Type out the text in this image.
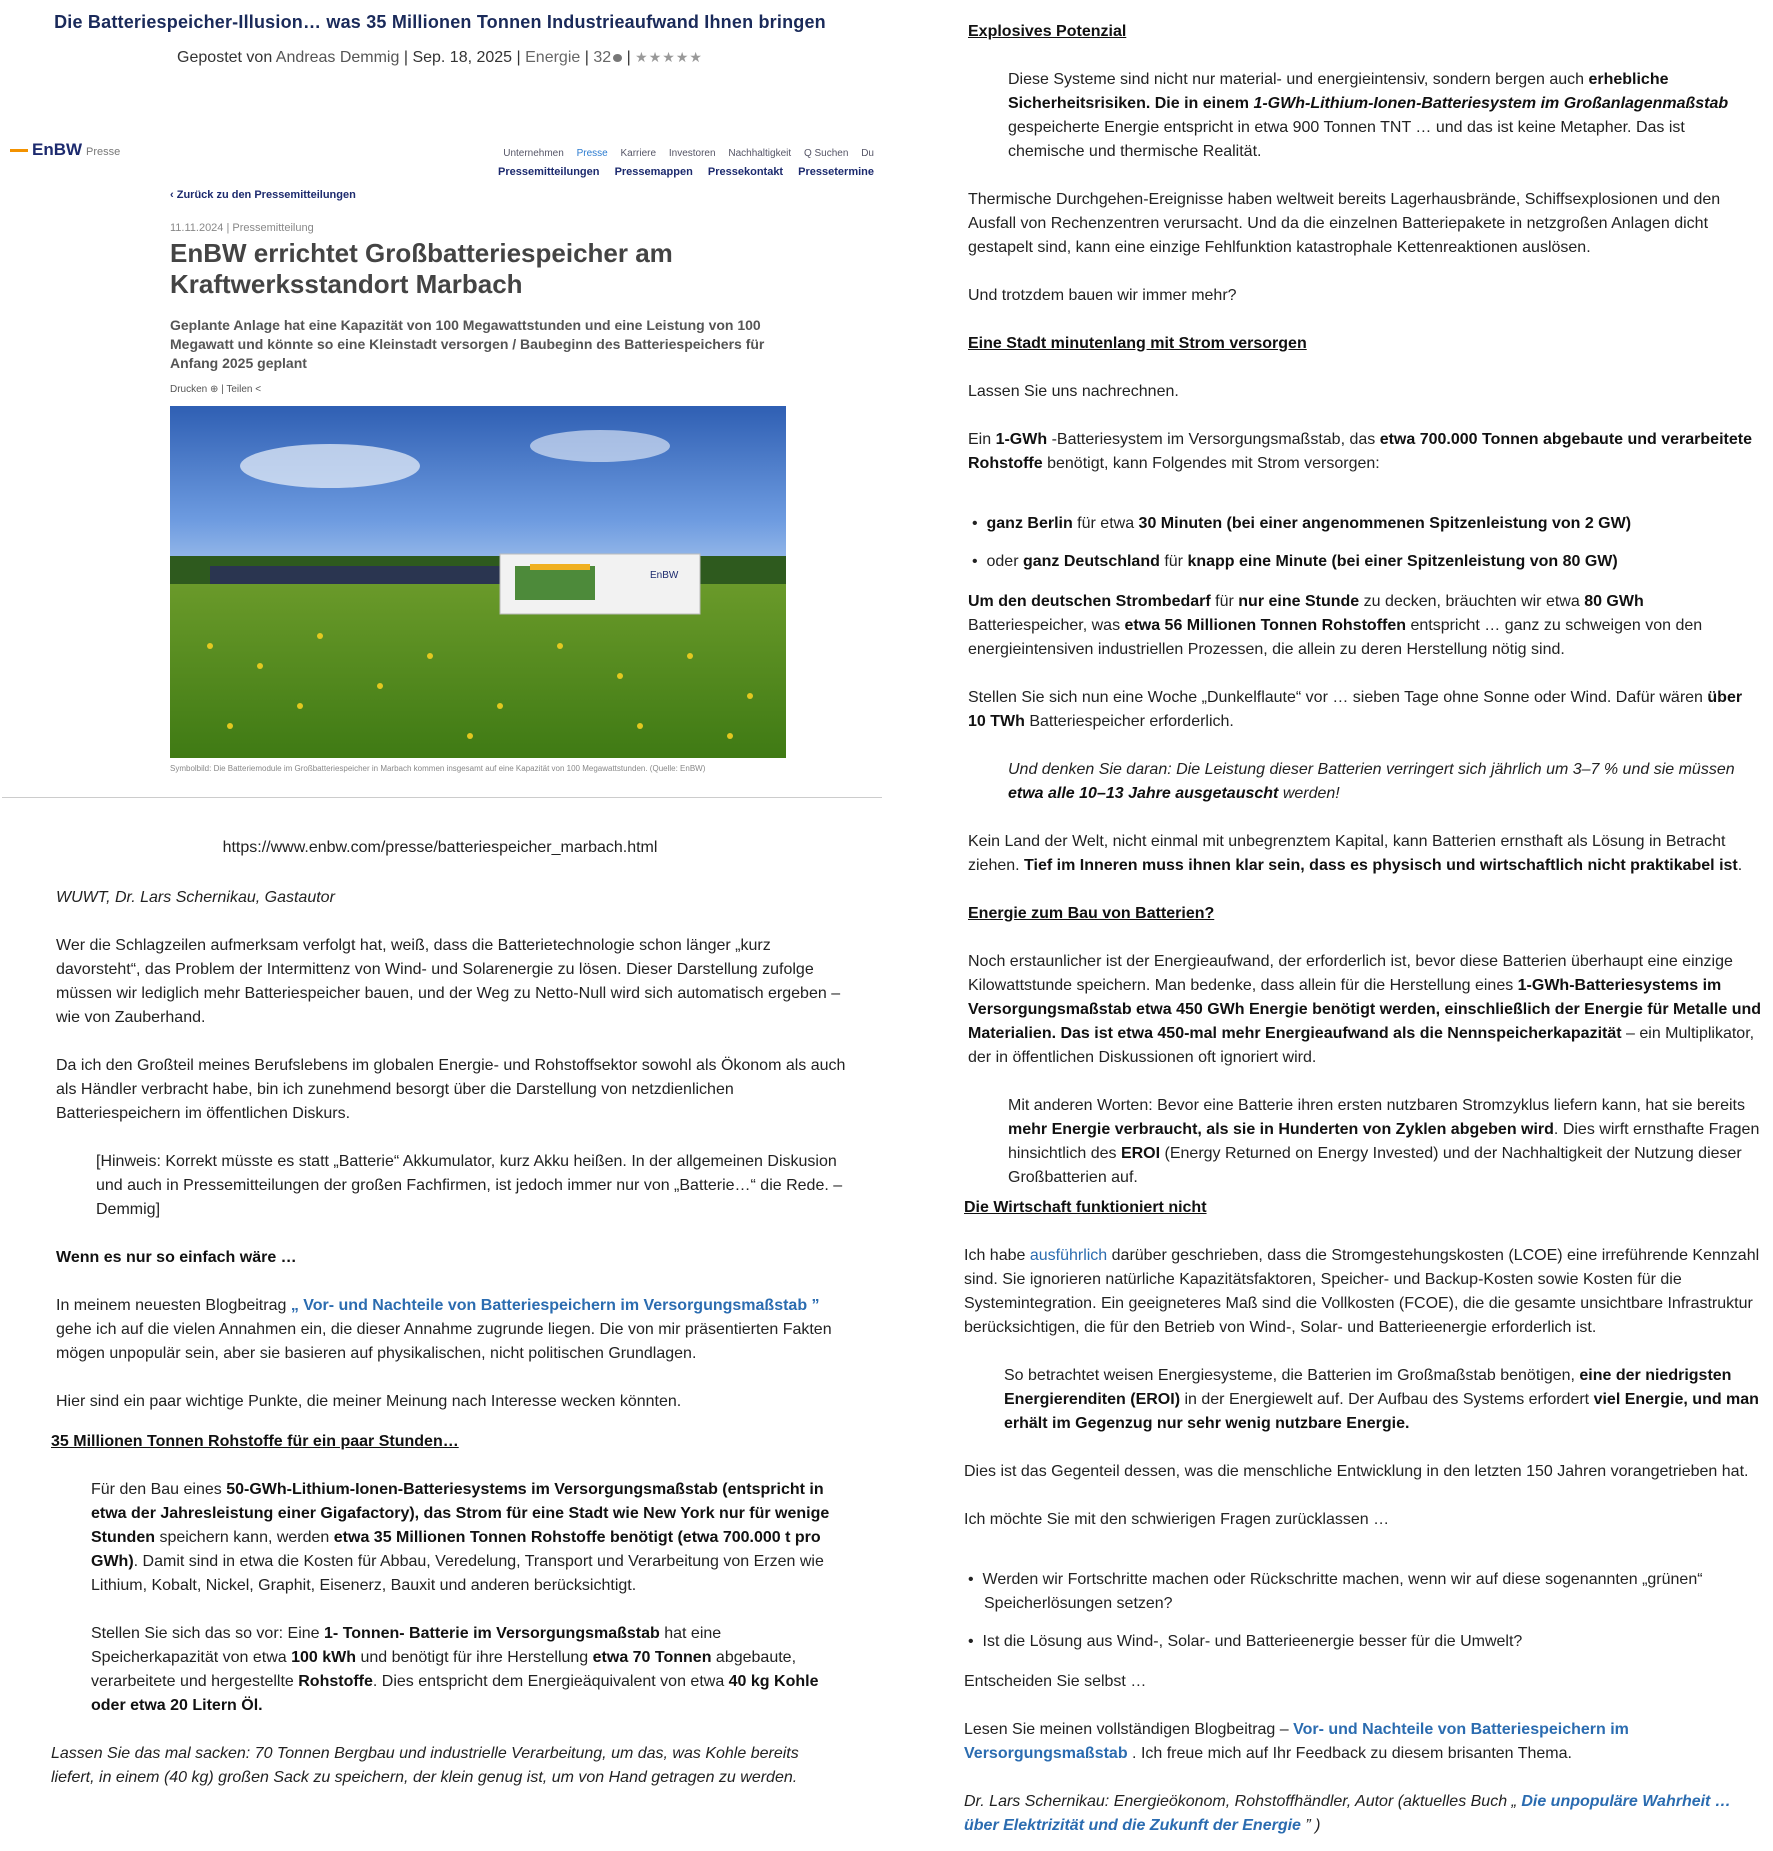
Die Batteriespeicher-Illusion… was 35 Millionen Tonnen Industrieaufwand Ihnen bringen
Gepostet von Andreas Demmig | Sep. 18, 2025 | Energie | 32 | ★★★★★
EnBW Presse	Unternehmen Presse Karriere Investoren Nachhaltigkeit Q Suchen Du
Pressemitteilungen Pressemappen Pressekontakt Pressetermine
‹ Zurück zu den Pressemitteilungen
11.11.2024 | Pressemitteilung
EnBW errichtet Großbatteriespeicher am Kraftwerksstandort Marbach
Geplante Anlage hat eine Kapazität von 100 Megawattstunden und eine Leistung von 100 Megawatt und könnte so eine Kleinstadt versorgen / Baubeginn des Batteriespeichers für Anfang 2025 geplant
Drucken ⊕ | Teilen <
EnBW
Symbolbild: Die Batteriemodule im Großbatteriespeicher in Marbach kommen insgesamt auf eine Kapazität von 100 Megawattstunden. (Quelle: EnBW)
https://www.enbw.com/presse/batteriespeicher_marbach.html

WUWT, Dr. Lars Schernikau, Gastautor

Wer die Schlagzeilen aufmerksam verfolgt hat, weiß, dass die Batterietechnologie schon länger „kurz davorsteht“, das Problem der Intermittenz von Wind- und Solarenergie zu lösen. Dieser Darstellung zufolge müssen wir lediglich mehr Batteriespeicher bauen, und der Weg zu Netto-Null wird sich automatisch ergeben – wie von Zauberhand.

Da ich den Großteil meines Berufslebens im globalen Energie- und Rohstoffsektor sowohl als Ökonom als auch als Händler verbracht habe, bin ich zunehmend besorgt über die Darstellung von netzdienlichen Batteriespeichern im öffentlichen Diskurs.

[Hinweis: Korrekt müsste es statt „Batterie“ Akkumulator, kurz Akku heißen. In der allgemeinen Diskusion und auch in Pressemitteilungen der großen Fachfirmen, ist jedoch immer nur von „Batterie…“ die Rede. – Demmig]

Wenn es nur so einfach wäre …

In meinem neuesten Blogbeitrag „ Vor- und Nachteile von Batteriespeichern im Versorgungsmaßstab ” gehe ich auf die vielen Annahmen ein, die dieser Annahme zugrunde liegen. Die von mir präsentierten Fakten mögen unpopulär sein, aber sie basieren auf physikalischen, nicht politischen Grundlagen.

Hier sind ein paar wichtige Punkte, die meiner Meinung nach Interesse wecken könnten.

35 Millionen Tonnen Rohstoffe für ein paar Stunden…

Für den Bau eines 50-GWh-Lithium-Ionen-Batteriesystems im Versorgungsmaßstab (entspricht in etwa der Jahresleistung einer Gigafactory), das Strom für eine Stadt wie New York nur für wenige Stunden speichern kann, werden etwa 35 Millionen Tonnen Rohstoffe benötigt (etwa 700.000 t pro GWh). Damit sind in etwa die Kosten für Abbau, Veredelung, Transport und Verarbeitung von Erzen wie Lithium, Kobalt, Nickel, Graphit, Eisenerz, Bauxit und anderen berücksichtigt.

Stellen Sie sich das so vor: Eine 1- Tonnen- Batterie im Versorgungsmaßstab hat eine Speicherkapazität von etwa 100 kWh und benötigt für ihre Herstellung etwa 70 Tonnen abgebaute, verarbeitete und hergestellte Rohstoffe. Dies entspricht dem Energieäquivalent von etwa 40 kg Kohle oder etwa 20 Litern Öl.

Lassen Sie das mal sacken: 70 Tonnen Bergbau und industrielle Verarbeitung, um das, was Kohle bereits liefert, in einem (40 kg) großen Sack zu speichern, der klein genug ist, um von Hand getragen zu werden.

Explosives Potenzial

Diese Systeme sind nicht nur material- und energieintensiv, sondern bergen auch erhebliche Sicherheitsrisiken. Die in einem 1-GWh-Lithium-Ionen-Batteriesystem im Großanlagenmaßstab gespeicherte Energie entspricht in etwa 900 Tonnen TNT … und das ist keine Metapher. Das ist chemische und thermische Realität.

Thermische Durchgehen-Ereignisse haben weltweit bereits Lagerhausbrände, Schiffsexplosionen und den Ausfall von Rechenzentren verursacht. Und da die einzelnen Batteriepakete in netzgroßen Anlagen dicht gestapelt sind, kann eine einzige Fehlfunktion katastrophale Kettenreaktionen auslösen.

Und trotzdem bauen wir immer mehr?

Eine Stadt minutenlang mit Strom versorgen

Lassen Sie uns nachrechnen.

Ein 1-GWh -Batteriesystem im Versorgungsmaßstab, das etwa 700.000 Tonnen abgebaute und verarbeitete Rohstoffe benötigt, kann Folgendes mit Strom versorgen:

•  ganz Berlin für etwa 30 Minuten (bei einer angenommenen Spitzenleistung von 2 GW)

•  oder ganz Deutschland für knapp eine Minute (bei einer Spitzenleistung von 80 GW)

Um den deutschen Strombedarf für nur eine Stunde zu decken, bräuchten wir etwa 80 GWh Batteriespeicher, was etwa 56 Millionen Tonnen Rohstoffen entspricht … ganz zu schweigen von den energieintensiven industriellen Prozessen, die allein zu deren Herstellung nötig sind.

Stellen Sie sich nun eine Woche „Dunkelflaute“ vor … sieben Tage ohne Sonne oder Wind. Dafür wären über 10 TWh Batteriespeicher erforderlich.

Und denken Sie daran: Die Leistung dieser Batterien verringert sich jährlich um 3–7 % und sie müssen etwa alle 10–13 Jahre ausgetauscht werden!

Kein Land der Welt, nicht einmal mit unbegrenztem Kapital, kann Batterien ernsthaft als Lösung in Betracht ziehen. Tief im Inneren muss ihnen klar sein, dass es physisch und wirtschaftlich nicht praktikabel ist.

Energie zum Bau von Batterien?

Noch erstaunlicher ist der Energieaufwand, der erforderlich ist, bevor diese Batterien überhaupt eine einzige Kilowattstunde speichern. Man bedenke, dass allein für die Herstellung eines 1-GWh-Batteriesystems im Versorgungsmaßstab etwa 450 GWh Energie benötigt werden, einschließlich der Energie für Metalle und Materialien. Das ist etwa 450-mal mehr Energieaufwand als die Nennspeicherkapazität – ein Multiplikator, der in öffentlichen Diskussionen oft ignoriert wird.

Mit anderen Worten: Bevor eine Batterie ihren ersten nutzbaren Stromzyklus liefern kann, hat sie bereits mehr Energie verbraucht, als sie in Hunderten von Zyklen abgeben wird. Dies wirft ernsthafte Fragen hinsichtlich des EROI (Energy Returned on Energy Invested) und der Nachhaltigkeit der Nutzung dieser Großbatterien auf.

Die Wirtschaft funktioniert nicht

Ich habe ausführlich darüber geschrieben, dass die Stromgestehungskosten (LCOE) eine irreführende Kennzahl sind. Sie ignorieren natürliche Kapazitätsfaktoren, Speicher- und Backup-Kosten sowie Kosten für die Systemintegration. Ein geeigneteres Maß sind die Vollkosten (FCOE), die die gesamte unsichtbare Infrastruktur berücksichtigen, die für den Betrieb von Wind-, Solar- und Batterieenergie erforderlich ist.

So betrachtet weisen Energiesysteme, die Batterien im Großmaßstab benötigen, eine der niedrigsten Energierenditen (EROI) in der Energiewelt auf. Der Aufbau des Systems erfordert viel Energie, und man erhält im Gegenzug nur sehr wenig nutzbare Energie.

Dies ist das Gegenteil dessen, was die menschliche Entwicklung in den letzten 150 Jahren vorangetrieben hat.

Ich möchte Sie mit den schwierigen Fragen zurücklassen …

•  Werden wir Fortschritte machen oder Rückschritte machen, wenn wir auf diese sogenannten „grünen“ Speicherlösungen setzen?

•  Ist die Lösung aus Wind-, Solar- und Batterieenergie besser für die Umwelt?

Entscheiden Sie selbst …

Lesen Sie meinen vollständigen Blogbeitrag – Vor- und Nachteile von Batteriespeichern im Versorgungsmaßstab . Ich freue mich auf Ihr Feedback zu diesem brisanten Thema.

Dr. Lars Schernikau: Energieökonom, Rohstoffhändler, Autor (aktuelles Buch „ Die unpopuläre Wahrheit … über Elektrizität und die Zukunft der Energie ” )
